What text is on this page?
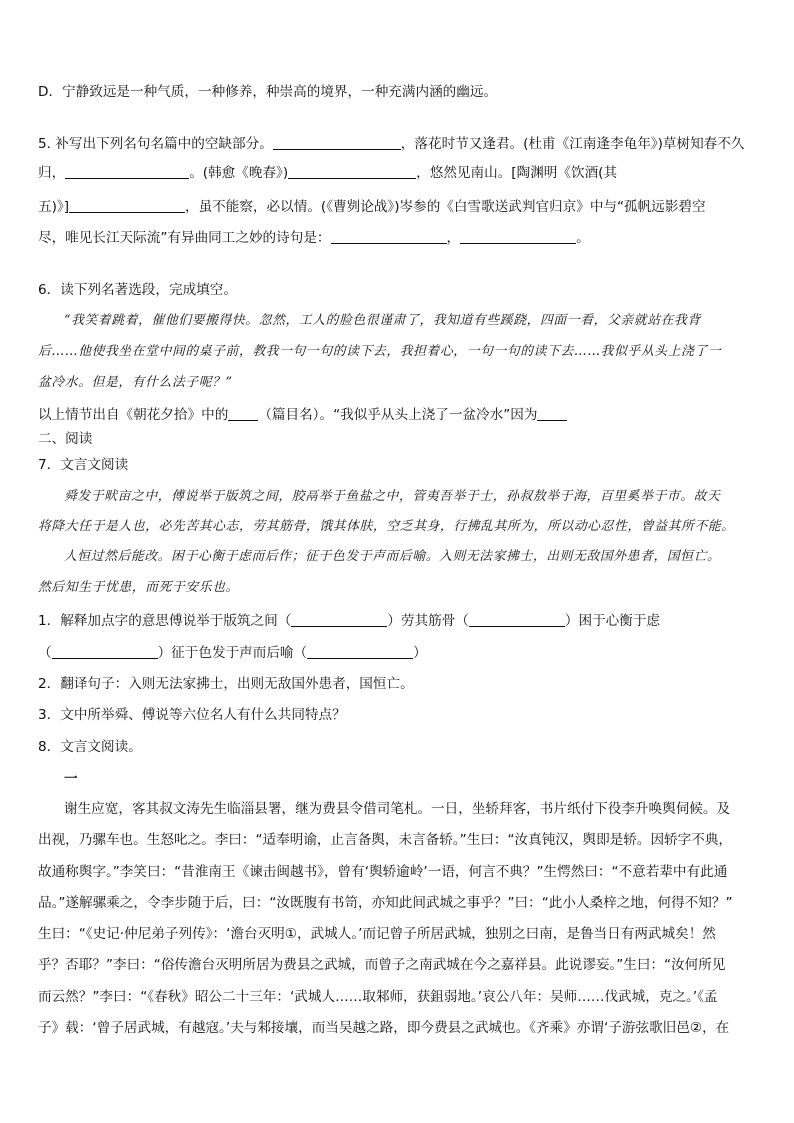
D．宁静致远是一种气质，一种修养，种崇高的境界，一种充满内涵的幽远。
5. 补写出下列名句名篇中的空缺部分。	，落花时节又逢君。(杜甫《江南逢李龟年》)草树知春不久
归，	。(韩愈《晚春》)	，悠然见南山。[陶渊明《饮酒(其
五)》]	，虽不能察，必以情。(《曹刿论战》)岑参的《白雪歌送武判官归京》中与“孤帆远影碧空
尽，唯见长江天际流”有异曲同工之妙的诗句是：	，	。
6．读下列名著选段，完成填空。
“我笑着跳着，催他们要搬得快。忽然，工人的脸色很谨肃了，我知道有些蹊跷，四面一看，父亲就站在我背
后……他使我坐在堂中间的桌子前，教我一句一句的读下去，我担着心，一句一句的读下去……我似乎从头上浇了一
盆冷水。但是，有什么法子呢？”
以上情节出自《朝花夕拾》中的 （篇目名）。“我似乎从头上浇了一盆冷水”因为
二、阅读
7．文言文阅读
舜发于畎亩之中，傅说举于版筑之间，胶鬲举于鱼盐之中，管夷吾举于士，孙叔敖举于海，百里奚举于市。故天
将降大任于是人也，必先苦其心志，劳其筋骨，饿其体肤，空乏其身，行拂乱其所为，所以动心忍性，曾益其所不能。
人恒过然后能改。困于心衡于虑而后作；征于色发于声而后喻。入则无法家拂士，出则无敌国外患者，国恒亡。
然后知生于忧患，而死于安乐也。
1．解释加点字的意思傅说举于版筑之间（	）劳其筋骨（	）困于心衡于虑
（	）征于色发于声而后喻（	）
2．翻译句子：入则无法家拂士，出则无敌国外患者，国恒亡。
3．文中所举舜、傅说等六位名人有什么共同特点？
8．文言文阅读。
一
谢生应宽，客其叔文涛先生临淄县署，继为费县令借司笔札。一日，坐轿拜客，书片纸付下役李升唤舆伺候。及
出视，乃骡车也。生怒叱之。李曰：“适奉明谕，止言备舆，未言备轿。”生曰：“汝真钝汉，舆即是轿。因轿字不典，
故通称舆字。”李笑曰：“昔淮南王《谏击闽越书》，曾有‘舆轿逾岭’一语，何言不典？”生愕然曰：“不意若辈中有此通
品。”遂解骡乘之，令李步随于后，曰：“汝既腹有书笥，亦知此间武城之事乎？”曰：“此小人桑梓之地，何得不知？”
生曰：“《史记·仲尼弟子列传》：‘澹台灭明①，武城人。’而记曾子所居武城，独别之曰南，是鲁当日有两武城矣！然
乎？否耶？”李曰：“俗传澹台灭明所居为费县之武城，而曾子之南武城在今之嘉祥县。此说谬妄。”生曰：“汝何所见
而云然？”李曰：“《春秋》昭公二十三年：‘武城人……取邾师，获鉏弱地。’哀公八年：吴师……伐武城，克之。’《孟
子》载：‘曾子居武城，有越寇。’夫与邾接壤，而当吴越之路，即今费县之武城也。《齐乘》亦谓‘子游弦歌旧邑②，在
